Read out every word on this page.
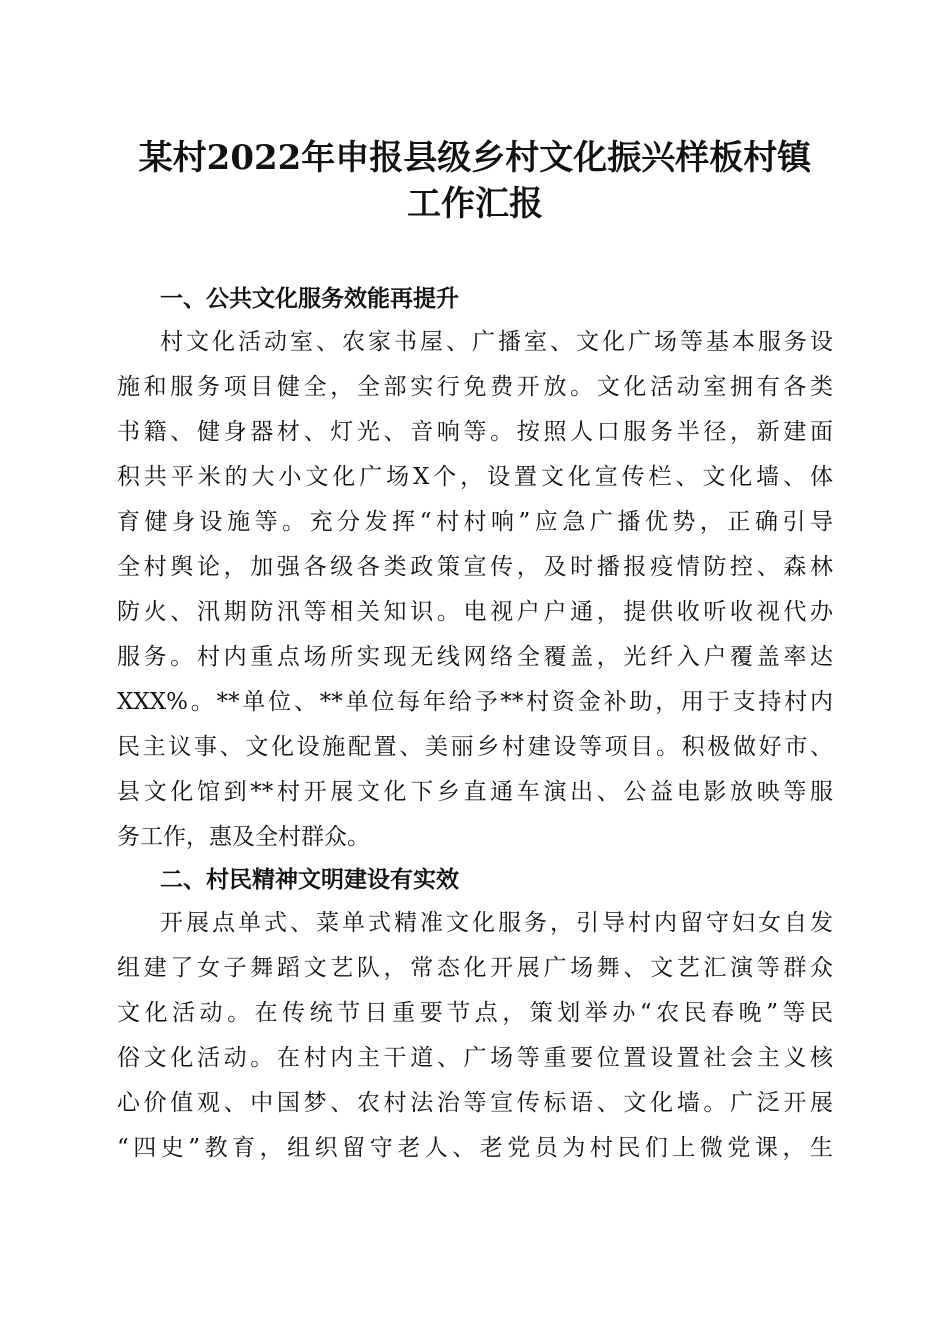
某村2022年申报县级乡村文化振兴样板村镇
工作汇报
一、公共文化服务效能再提升
村文化活动室、农家书屋、广播室、文化广场等基本服务设
施和服务项目健全，全部实行免费开放。文化活动室拥有各类
书籍、健身器材、灯光、音响等。按照人口服务半径，新建面
积共平米的大小文化广场X个，设置文化宣传栏、文化墙、体
育健身设施等。充分发挥“村村响”应急广播优势，正确引导
全村舆论，加强各级各类政策宣传，及时播报疫情防控、森林
防火、汛期防汛等相关知识。电视户户通，提供收听收视代办
服务。村内重点场所实现无线网络全覆盖，光纤入户覆盖率达
XXX%。**单位、**单位每年给予**村资金补助，用于支持村内
民主议事、文化设施配置、美丽乡村建设等项目。积极做好市、
县文化馆到**村开展文化下乡直通车演出、公益电影放映等服
务工作，惠及全村群众。
二、村民精神文明建设有实效
开展点单式、菜单式精准文化服务，引导村内留守妇女自发
组建了女子舞蹈文艺队，常态化开展广场舞、文艺汇演等群众
文化活动。在传统节日重要节点，策划举办“农民春晚”等民
俗文化活动。在村内主干道、广场等重要位置设置社会主义核
心价值观、中国梦、农村法治等宣传标语、文化墙。广泛开展
“四史”教育，组织留守老人、老党员为村民们上微党课，生
